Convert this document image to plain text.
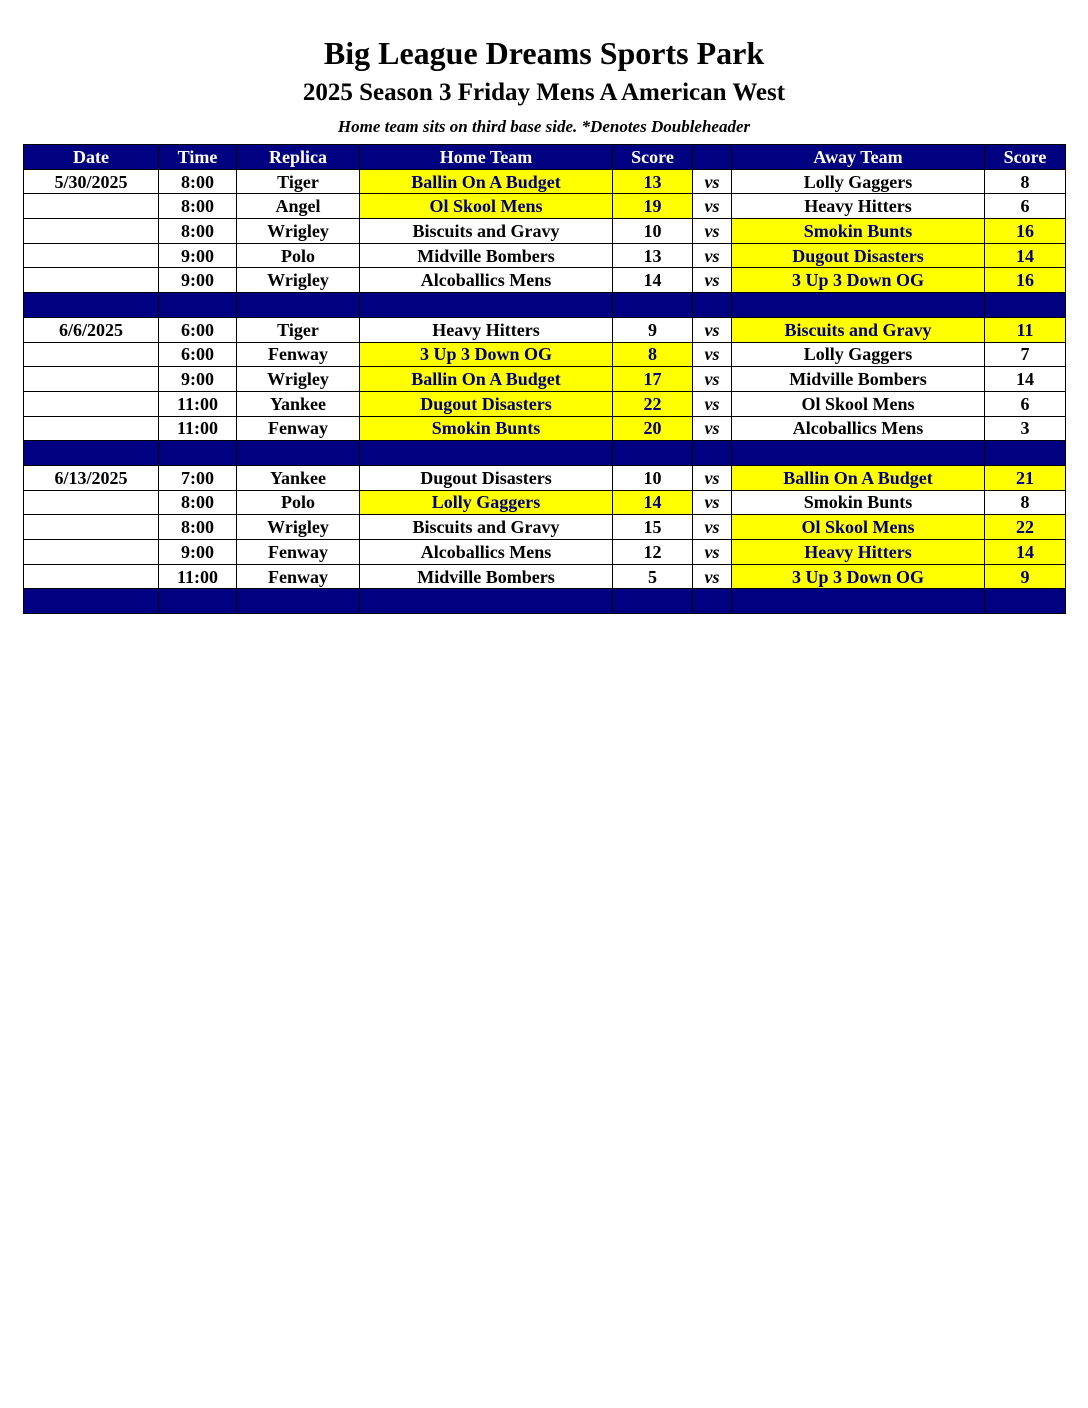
Big League Dreams Sports Park
2025 Season 3 Friday Mens A American West
Home team sits on third base side. *Denotes Doubleheader
Date	Time	Replica	Home Team	Score		Away Team	Score
5/30/2025	8:00	Tiger	Ballin On A Budget	13	vs	Lolly Gaggers	8
	8:00	Angel	Ol Skool Mens	19	vs	Heavy Hitters	6
	8:00	Wrigley	Biscuits and Gravy	10	vs	Smokin Bunts	16
	9:00	Polo	Midville Bombers	13	vs	Dugout Disasters	14
	9:00	Wrigley	Alcoballics Mens	14	vs	3 Up 3 Down OG	16

6/6/2025	6:00	Tiger	Heavy Hitters	9	vs	Biscuits and Gravy	11
	6:00	Fenway	3 Up 3 Down OG	8	vs	Lolly Gaggers	7
	9:00	Wrigley	Ballin On A Budget	17	vs	Midville Bombers	14
	11:00	Yankee	Dugout Disasters	22	vs	Ol Skool Mens	6
	11:00	Fenway	Smokin Bunts	20	vs	Alcoballics Mens	3

6/13/2025	7:00	Yankee	Dugout Disasters	10	vs	Ballin On A Budget	21
	8:00	Polo	Lolly Gaggers	14	vs	Smokin Bunts	8
	8:00	Wrigley	Biscuits and Gravy	15	vs	Ol Skool Mens	22
	9:00	Fenway	Alcoballics Mens	12	vs	Heavy Hitters	14
	11:00	Fenway	Midville Bombers	5	vs	3 Up 3 Down OG	9
